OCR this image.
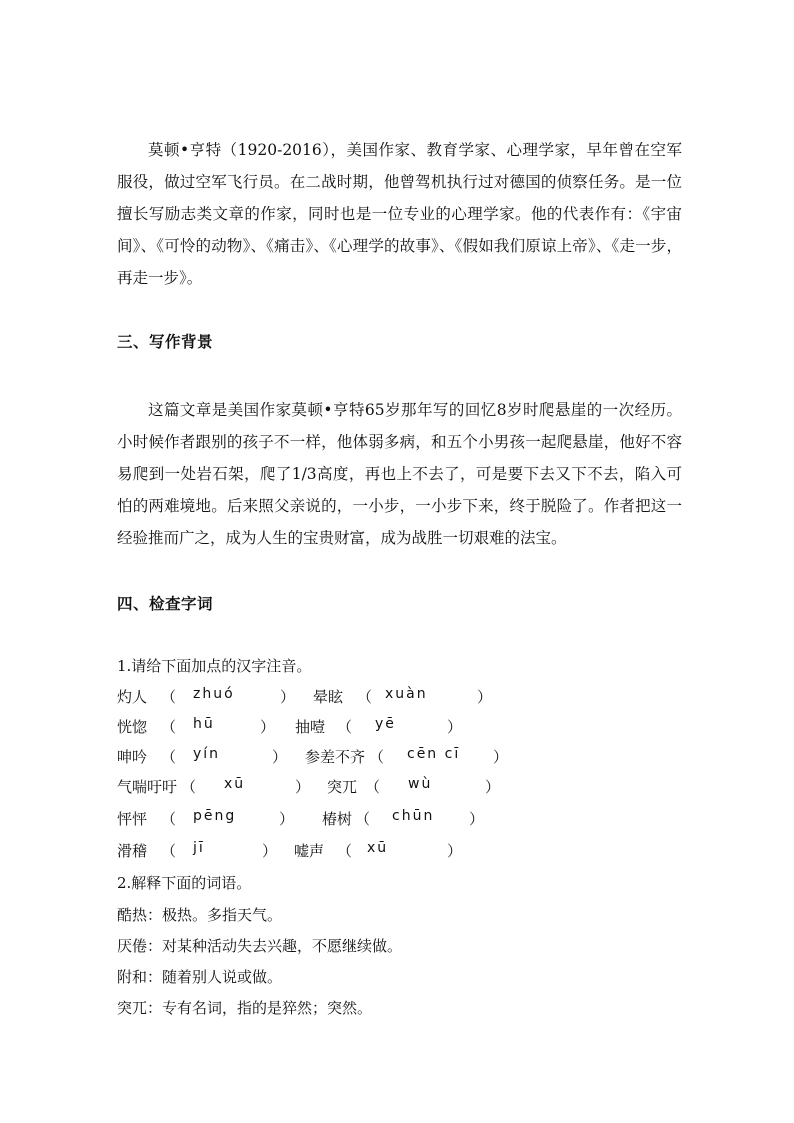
莫顿•亨特（1920-2016），美国作家、教育学家、心理学家，早年曾在空军服役，做过空军飞行员。在二战时期，他曾驾机执行过对德国的侦察任务。是一位擅长写励志类文章的作家，同时也是一位专业的心理学家。他的代表作有：《宇宙间》、《可怜的动物》、《痛击》、《心理学的故事》、《假如我们原谅上帝》、《走一步，再走一步》。

三、写作背景

这篇文章是美国作家莫顿•亨特65岁那年写的回忆8岁时爬悬崖的一次经历。小时候作者跟别的孩子不一样，他体弱多病，和五个小男孩一起爬悬崖，他好不容易爬到一处岩石架，爬了1/3高度，再也上不去了，可是要下去又下不去，陷入可怕的两难境地。后来照父亲说的，一小步，一小步下来，终于脱险了。作者把这一经验推而广之，成为人生的宝贵财富，成为战胜一切艰难的法宝。

四、检查字词

1.请给下面加点的汉字注音。

灼人 （ zhuó	） 晕眩 （ xuàn	）
恍惚 （ hū	） 抽噎 （ yē	）
呻吟 （ yín	） 参差不齐 （ cēn cī ）
气喘吁吁 （ xū	） 突兀 （ wù	）
怦怦 （ pēng	） 椿树 （ chūn ）
滑稽 （ jī	） 嘘声 （ xū	）

2.解释下面的词语。

酷热：极热。多指天气。

厌倦：对某种活动失去兴趣，不愿继续做。

附和：随着别人说或做。

突兀：专有名词，指的是猝然；突然。
